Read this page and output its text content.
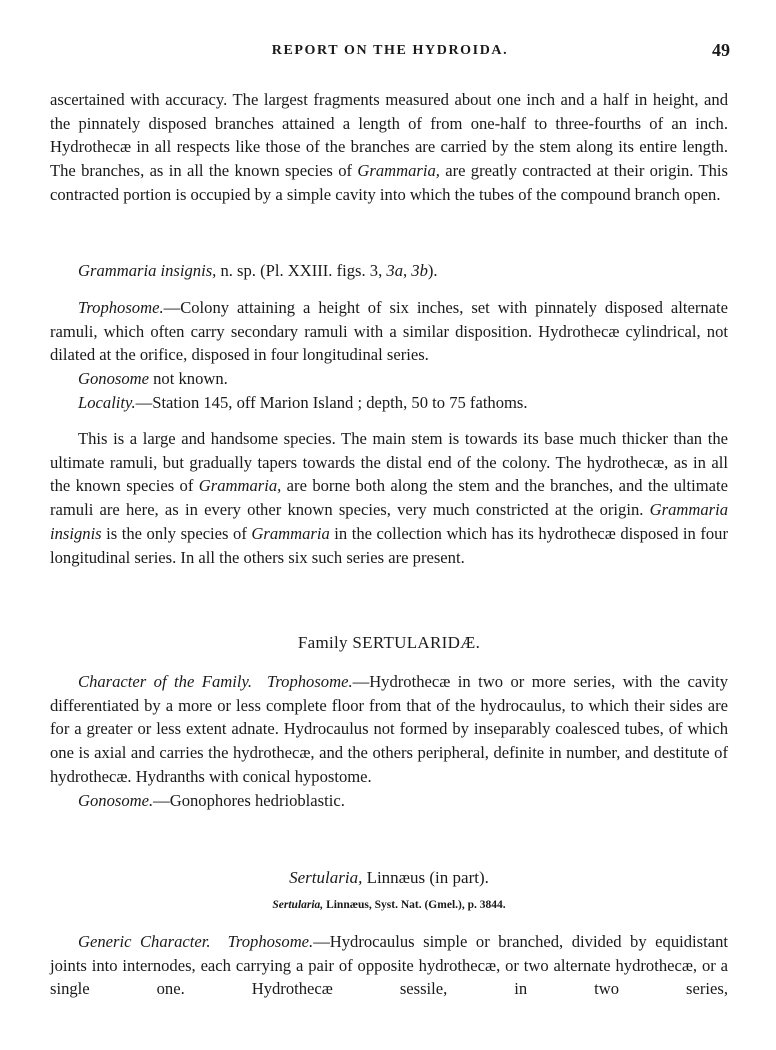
REPORT ON THE HYDROIDA.	49

ascertained with accuracy. The largest fragments measured about one inch and a half in height, and the pinnately disposed branches attained a length of from one-half to three-fourths of an inch. Hydrothecæ in all respects like those of the branches are carried by the stem along its entire length. The branches, as in all the known species of Grammaria, are greatly contracted at their origin. This contracted portion is occupied by a simple cavity into which the tubes of the compound branch open.

Grammaria insignis, n. sp. (Pl. XXIII. figs. 3, 3a, 3b).

Trophosome.—Colony attaining a height of six inches, set with pinnately disposed alternate ramuli, which often carry secondary ramuli with a similar disposition. Hydrothecæ cylindrical, not dilated at the orifice, disposed in four longitudinal series.

Gonosome not known.

Locality.—Station 145, off Marion Island ; depth, 50 to 75 fathoms.

This is a large and handsome species. The main stem is towards its base much thicker than the ultimate ramuli, but gradually tapers towards the distal end of the colony. The hydrothecæ, as in all the known species of Grammaria, are borne both along the stem and the branches, and the ultimate ramuli are here, as in every other known species, very much constricted at the origin. Grammaria insignis is the only species of Grammaria in the collection which has its hydrothecæ disposed in four longitudinal series. In all the others six such series are present.

Family SERTULARIDÆ.

Character of the Family. Trophosome.—Hydrothecæ in two or more series, with the cavity differentiated by a more or less complete floor from that of the hydrocaulus, to which their sides are for a greater or less extent adnate. Hydrocaulus not formed by inseparably coalesced tubes, of which one is axial and carries the hydrothecæ, and the others peripheral, definite in number, and destitute of hydrothecæ. Hydranths with conical hypostome.

Gonosome.—Gonophores hedrioblastic.

Sertularia, Linnæus (in part).
Sertularia, Linnæus, Syst. Nat. (Gmel.), p. 3844.

Generic Character. Trophosome.—Hydrocaulus simple or branched, divided by equidistant joints into internodes, each carrying a pair of opposite hydrothecæ, or two alternate hydrothecæ, or a single one. Hydrothecæ sessile, in two series,
